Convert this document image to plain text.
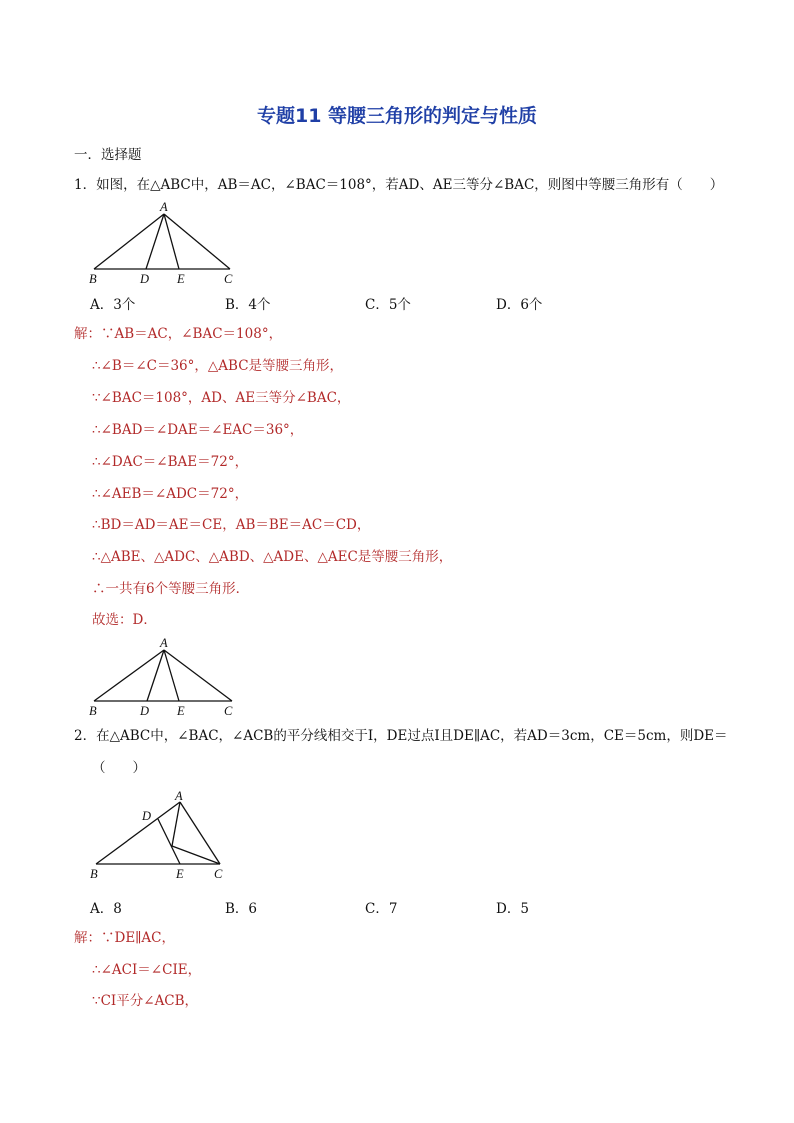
专题11 等腰三角形的判定与性质
一．选择题
1．如图，在△ABC中，AB＝AC，∠BAC＝108°，若AD、AE三等分∠BAC，则图中等腰三角形有（　　）
A
B	D E	C
A．3个	B．4个	C．5个	D．6个
解：∵AB＝AC，∠BAC＝108°，
∴∠B＝∠C＝36°，△ABC是等腰三角形，
∵∠BAC＝108°，AD、AE三等分∠BAC，
∴∠BAD＝∠DAE＝∠EAC＝36°，
∴∠DAC＝∠BAE＝72°，
∴∠AEB＝∠ADC＝72°，
∴BD＝AD＝AE＝CE，AB＝BE＝AC＝CD，
∴△ABE、△ADC、△ABD、△ADE、△AEC是等腰三角形，
∴一共有6个等腰三角形．
故选：D．
A
B	D E	C
2．在△ABC中，∠BAC，∠ACB的平分线相交于I，DE过点I且DE∥AC，若AD＝3cm，CE＝5cm，则DE＝
（　　）
A
D
B	E C
A．8	B．6	C．7	D．5
解：∵DE∥AC，
∴∠ACI＝∠CIE，
∵CI平分∠ACB，
